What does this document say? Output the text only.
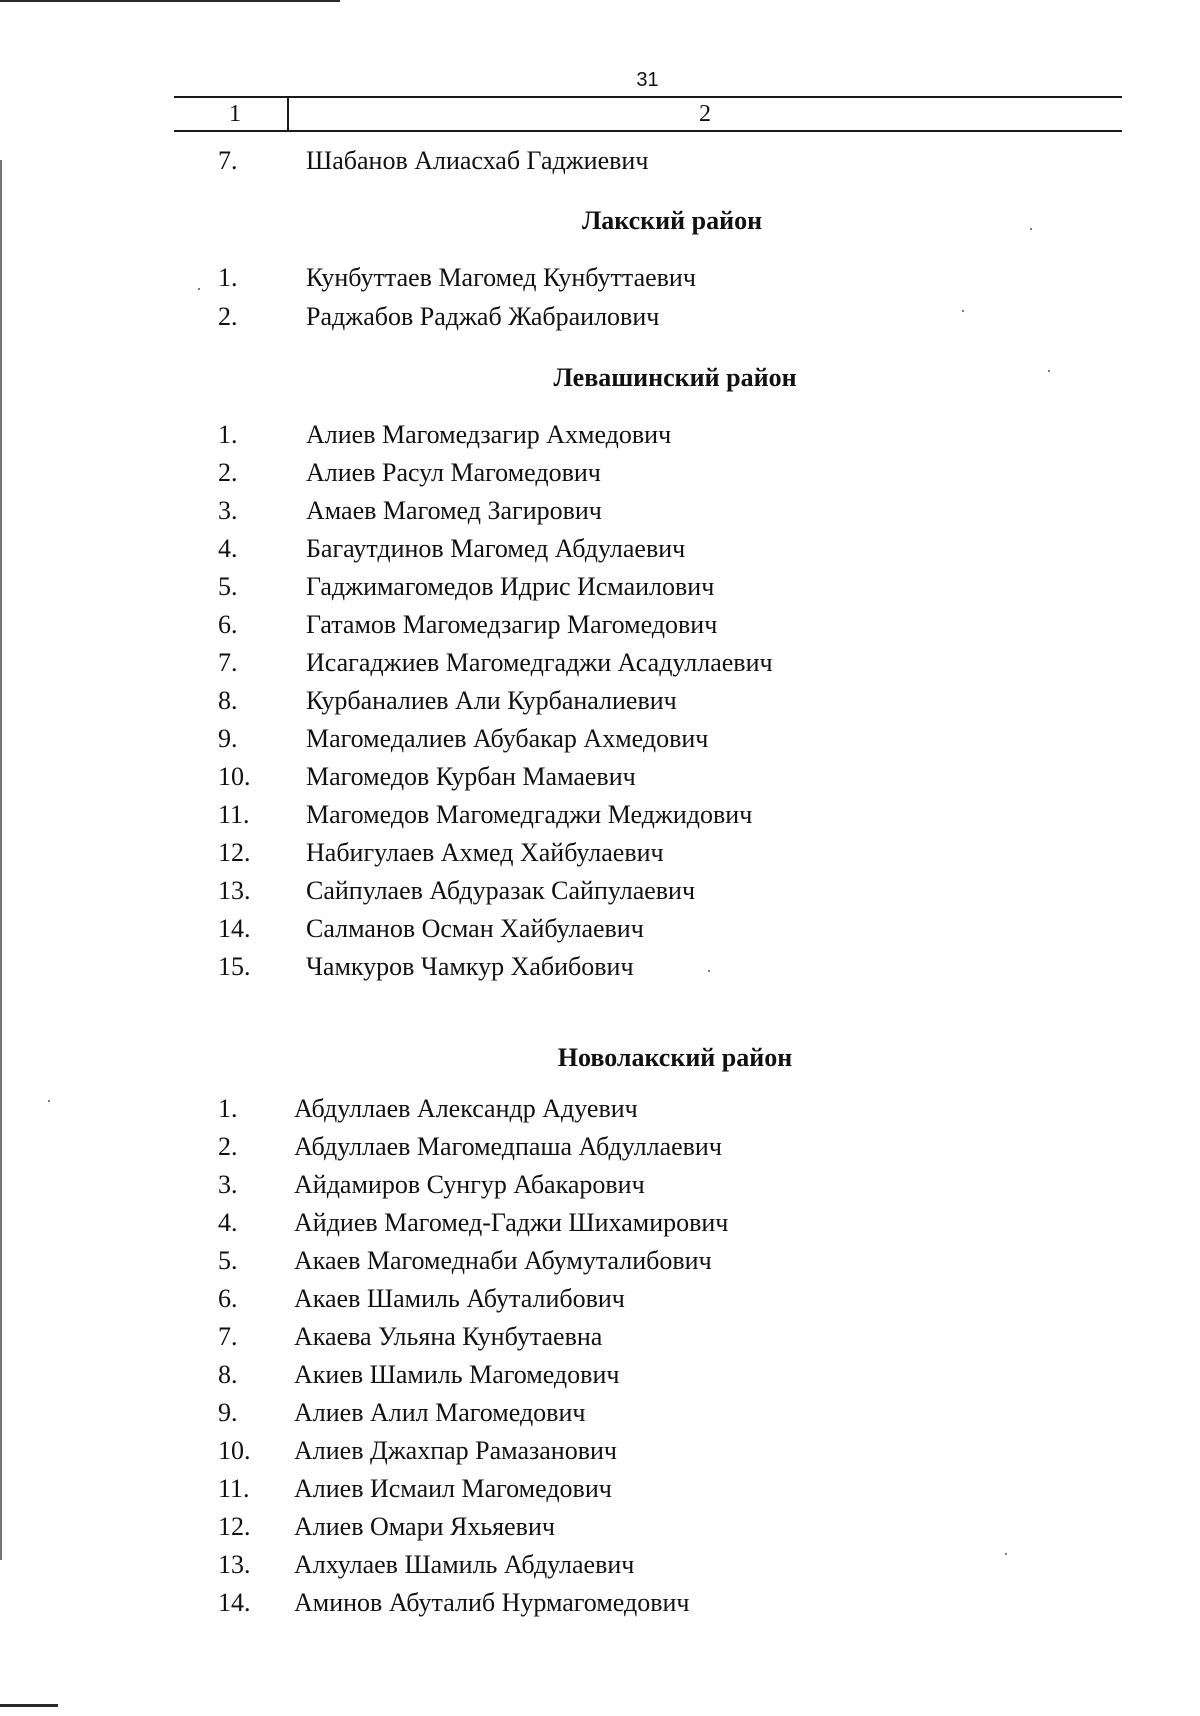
31
1	2
7.	Шабанов Алиасхаб Гаджиевич
Лакский район
1.	Кунбуттаев Магомед Кунбуттаевич
2.	Раджабов Раджаб Жабраилович
Левашинский район
1.	Алиев Магомедзагир Ахмедович
2.	Алиев Расул Магомедович
3.	Амаев Магомед Загирович
4.	Багаутдинов Магомед Абдулаевич
5.	Гаджимагомедов Идрис Исмаилович
6.	Гатамов Магомедзагир Магомедович
7.	Исагаджиев Магомедгаджи Асадуллаевич
8.	Курбаналиев Али Курбаналиевич
9.	Магомедалиев Абубакар Ахмедович
10. Магомедов Курбан Мамаевич
11. Магомедов Магомедгаджи Меджидович
12. Набигулаев Ахмед Хайбулаевич
13. Сайпулаев Абдуразак Сайпулаевич
14. Салманов Осман Хайбулаевич
15. Чамкуров Чамкур Хабибович
Новолакский район
1. Абдуллаев Александр Адуевич
2. Абдуллаев Магомедпаша Абдуллаевич
3. Айдамиров Сунгур Абакарович
4. Айдиев Магомед-Гаджи Шихамирович
5. Акаев Магомеднаби Абумуталибович
6. Акаев Шамиль Абуталибович
7. Акаева Ульяна Кунбутаевна
8. Акиев Шамиль Магомедович
9. Алиев Алил Магомедович
10. Алиев Джахпар Рамазанович
11. Алиев Исмаил Магомедович
12. Алиев Омари Яхьяевич
13. Алхулаев Шамиль Абдулаевич
14. Аминов Абуталиб Нурмагомедович
